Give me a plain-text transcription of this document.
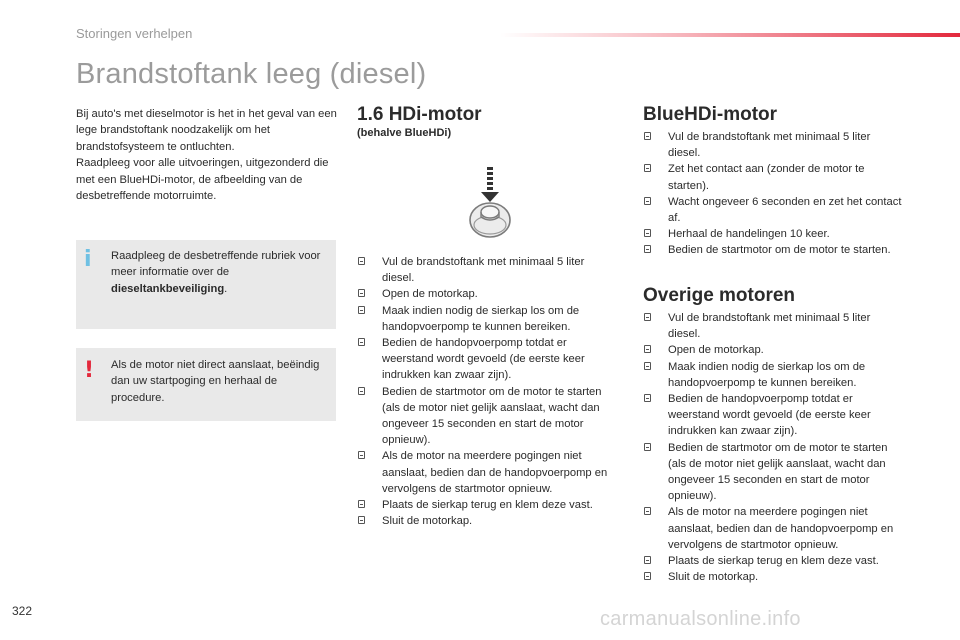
Storingen verhelpen
Brandstoftank leeg (diesel)

Bij auto's met dieselmotor is het in het geval van een lege brandstoftank noodzakelijk om het brandstofsysteem te ontluchten.

Raadpleeg voor alle uitvoeringen, uitgezonderd die met een BlueHDi-motor, de afbeelding van de desbetreffende motorruimte.

i Raadpleeg de desbetreffende rubriek voor meer informatie over de dieseltankbeveiliging.
! Als de motor niet direct aanslaat, beëindig dan uw startpoging en herhaal de procedure.
1.6 HDi-motor
(behalve BlueHDi)
Vul de brandstoftank met minimaal 5 liter diesel.
Open de motorkap.
Maak indien nodig de sierkap los om de handopvoerpomp te kunnen bereiken.
Bedien de handopvoerpomp totdat er weerstand wordt gevoeld (de eerste keer indrukken kan zwaar zijn).
Bedien de startmotor om de motor te starten (als de motor niet gelijk aanslaat, wacht dan ongeveer 15 seconden en start de motor opnieuw).
Als de motor na meerdere pogingen niet aanslaat, bedien dan de handopvoerpomp en vervolgens de startmotor opnieuw.
Plaats de sierkap terug en klem deze vast.
Sluit de motorkap.
BlueHDi-motor
Vul de brandstoftank met minimaal 5 liter diesel.
Zet het contact aan (zonder de motor te starten).
Wacht ongeveer 6 seconden en zet het contact af.
Herhaal de handelingen 10 keer.
Bedien de startmotor om de motor te starten.
Overige motoren
Vul de brandstoftank met minimaal 5 liter diesel.
Open de motorkap.
Maak indien nodig de sierkap los om de handopvoerpomp te kunnen bereiken.
Bedien de handopvoerpomp totdat er weerstand wordt gevoeld (de eerste keer indrukken kan zwaar zijn).
Bedien de startmotor om de motor te starten (als de motor niet gelijk aanslaat, wacht dan ongeveer 15 seconden en start de motor opnieuw).
Als de motor na meerdere pogingen niet aanslaat, bedien dan de handopvoerpomp en vervolgens de startmotor opnieuw.
Plaats de sierkap terug en klem deze vast.
Sluit de motorkap.
322	carmanualsonline.info
